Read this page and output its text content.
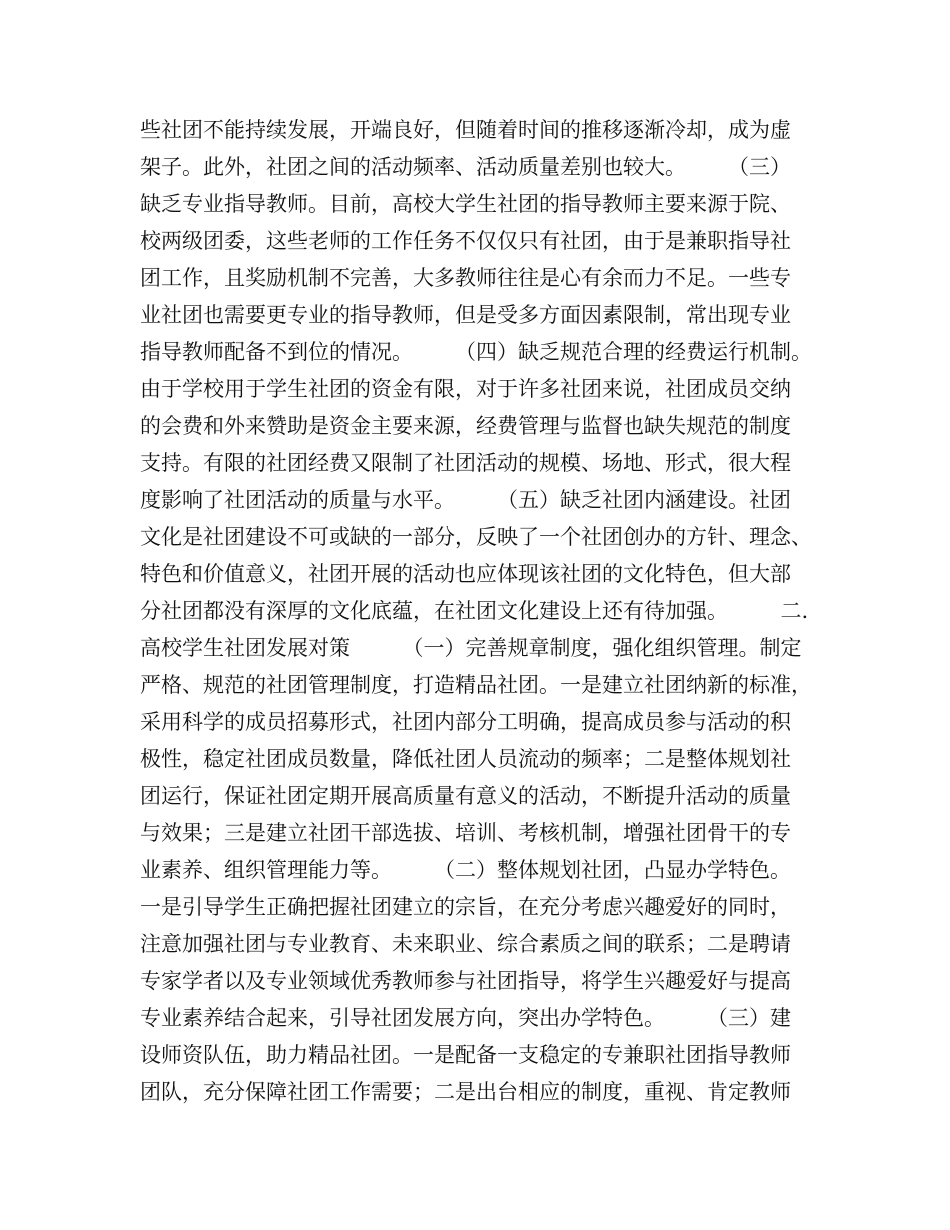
些社团不能持续发展，开端良好，但随着时间的推移逐渐冷却，成为虚
架子。此外，社团之间的活动频率、活动质量差别也较大。　　　（三）
缺乏专业指导教师。目前，高校大学生社团的指导教师主要来源于院、
校两级团委，这些老师的工作任务不仅仅只有社团，由于是兼职指导社
团工作，且奖励机制不完善，大多教师往往是心有余而力不足。一些专
业社团也需要更专业的指导教师，但是受多方面因素限制，常出现专业
指导教师配备不到位的情况。　　　（四）缺乏规范合理的经费运行机制。
由于学校用于学生社团的资金有限，对于许多社团来说，社团成员交纳
的会费和外来赞助是资金主要来源，经费管理与监督也缺失规范的制度
支持。有限的社团经费又限制了社团活动的规模、场地、形式，很大程
度影响了社团活动的质量与水平。　　　（五）缺乏社团内涵建设。社团
文化是社团建设不可或缺的一部分，反映了一个社团创办的方针、理念、
特色和价值意义，社团开展的活动也应体现该社团的文化特色，但大部
分社团都没有深厚的文化底蕴，在社团文化建设上还有待加强。　　　二.
高校学生社团发展对策　　　（一）完善规章制度，强化组织管理。制定
严格、规范的社团管理制度，打造精品社团。一是建立社团纳新的标准，
采用科学的成员招募形式，社团内部分工明确，提高成员参与活动的积
极性，稳定社团成员数量，降低社团人员流动的频率；二是整体规划社
团运行，保证社团定期开展高质量有意义的活动，不断提升活动的质量
与效果；三是建立社团干部选拔、培训、考核机制，增强社团骨干的专
业素养、组织管理能力等。　　　（二）整体规划社团，凸显办学特色。
一是引导学生正确把握社团建立的宗旨，在充分考虑兴趣爱好的同时，
注意加强社团与专业教育、未来职业、综合素质之间的联系；二是聘请
专家学者以及专业领域优秀教师参与社团指导，将学生兴趣爱好与提高
专业素养结合起来，引导社团发展方向，突出办学特色。　　　（三）建
设师资队伍，助力精品社团。一是配备一支稳定的专兼职社团指导教师
团队，充分保障社团工作需要；二是出台相应的制度，重视、肯定教师
